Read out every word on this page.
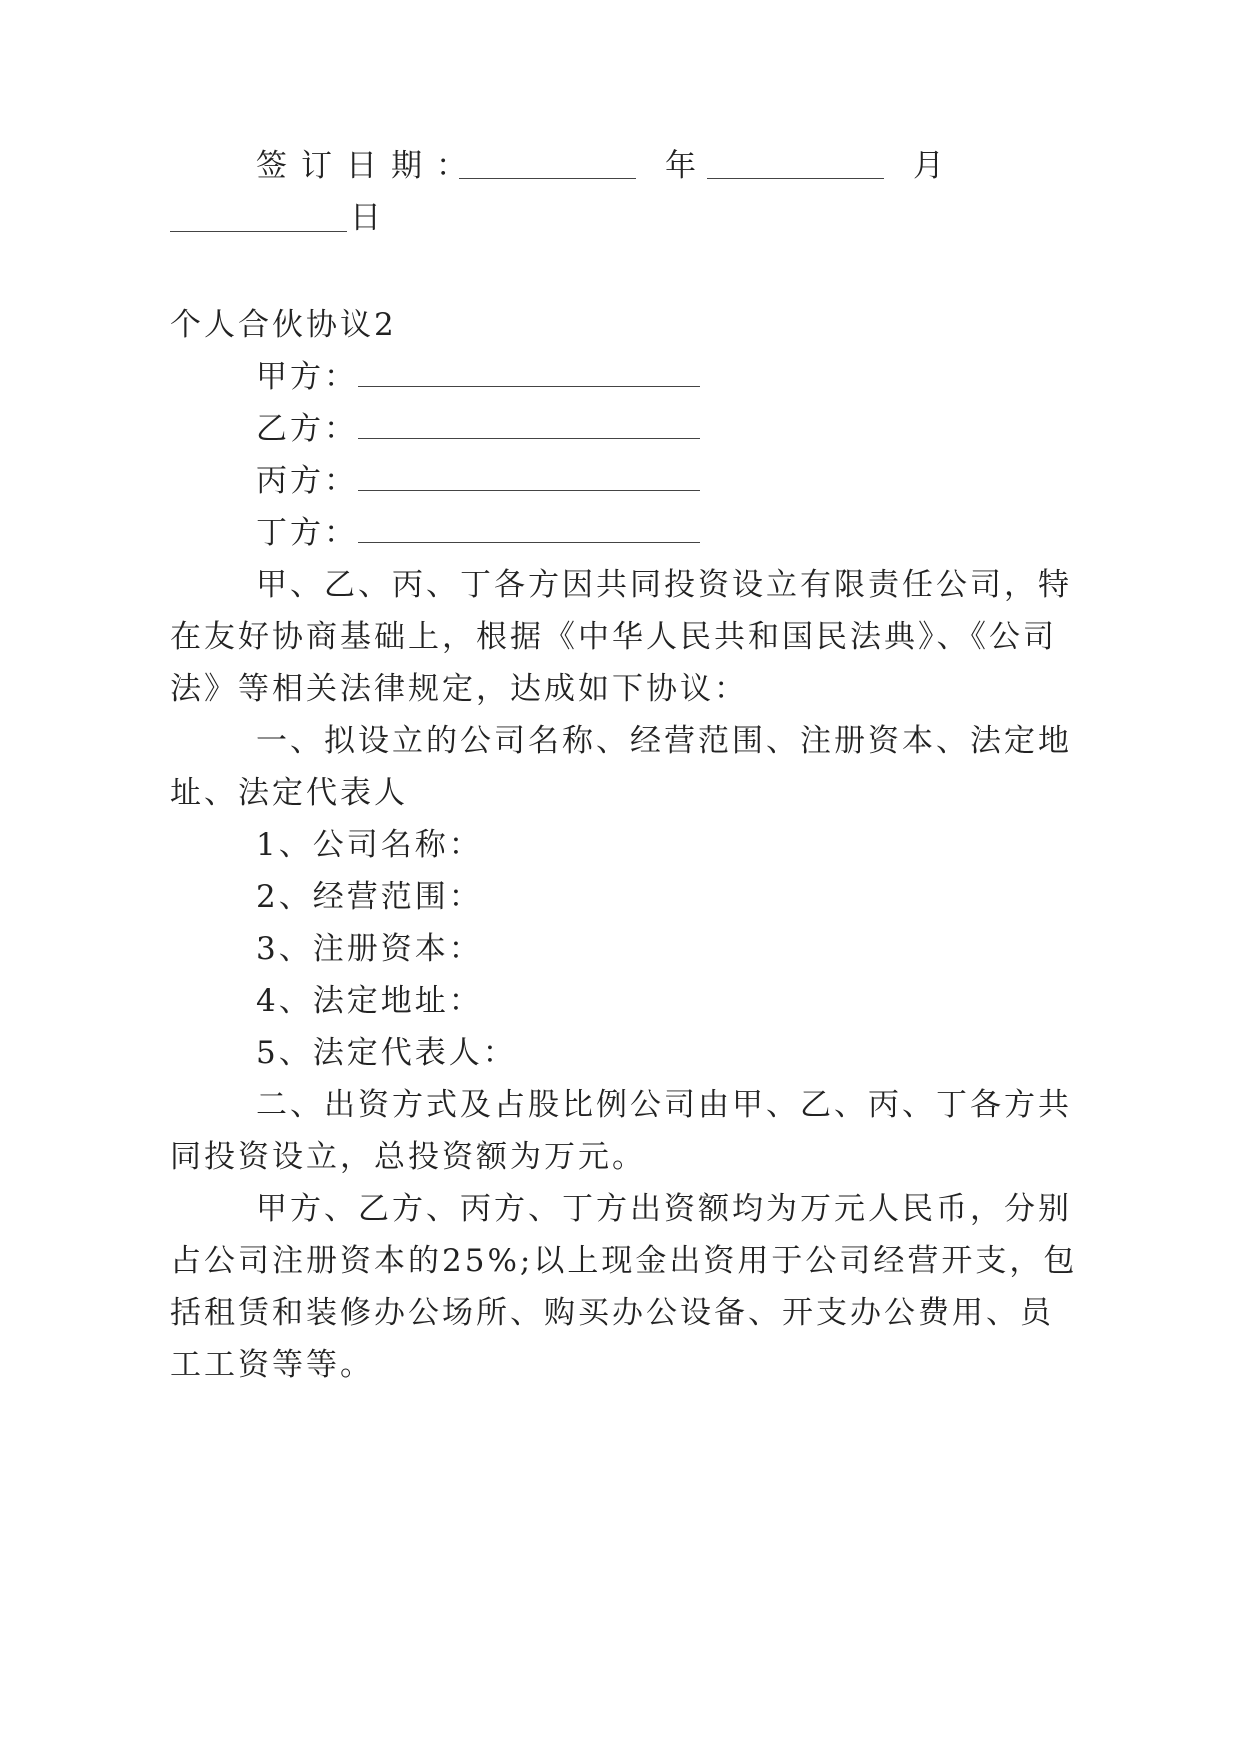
签订日期：	年	月
日
个人合伙协议2
甲方：
乙方：
丙方：
丁方：
甲、乙、丙、丁各方因共同投资设立有限责任公司，特
在友好协商基础上，根据《中华人民共和国民法典》、《公司
法》等相关法律规定，达成如下协议：
一、拟设立的公司名称、经营范围、注册资本、法定地
址、法定代表人
1、公司名称：
2、经营范围：
3、注册资本：
4、法定地址：
5、法定代表人：
二、出资方式及占股比例公司由甲、乙、丙、丁各方共
同投资设立，总投资额为万元。
甲方、乙方、丙方、丁方出资额均为万元人民币，分别
占公司注册资本的25%;以上现金出资用于公司经营开支，包
括租赁和装修办公场所、购买办公设备、开支办公费用、员
工工资等等。
